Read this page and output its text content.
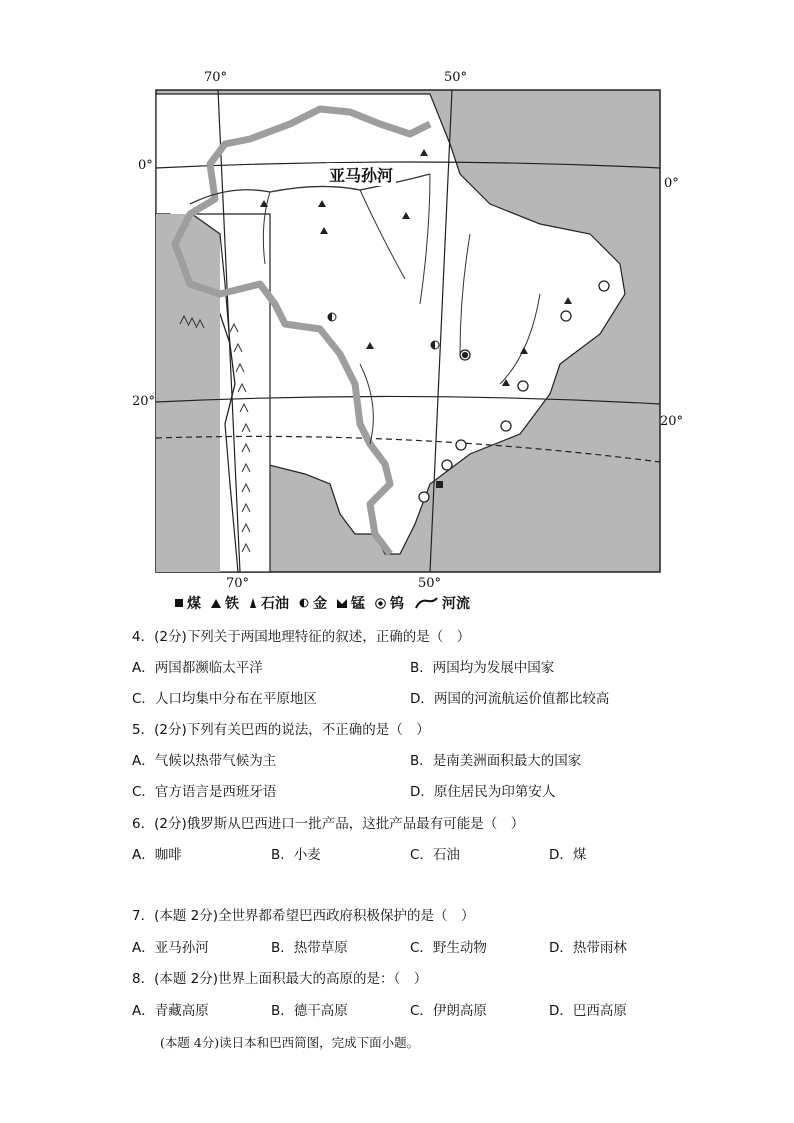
亚马孙河
70°	50°
70°	50°
0°
0°
20°
20°
煤 铁 石油 金 锰 钨	河流
4．(2分)下列关于两国地理特征的叙述，正确的是（　）
A．两国都濒临太平洋	B．两国均为发展中国家
C．人口均集中分布在平原地区	D．两国的河流航运价值都比较高
5．(2分)下列有关巴西的说法，不正确的是（　）
A．气候以热带气候为主	B．是南美洲面积最大的国家
C．官方语言是西班牙语	D．原住居民为印第安人
6．(2分)俄罗斯从巴西进口一批产品，这批产品最有可能是（　）
A．咖啡	B．小麦	C．石油	D．煤
7．(本题 2分)全世界都希望巴西政府积极保护的是（　）
A．亚马孙河	B．热带草原	C．野生动物	D．热带雨林
8．(本题 2分)世界上面积最大的高原的是：（　）
A．青藏高原	B．德干高原	C．伊朗高原	D．巴西高原
(本题 4分)读日本和巴西简图，完成下面小题。
